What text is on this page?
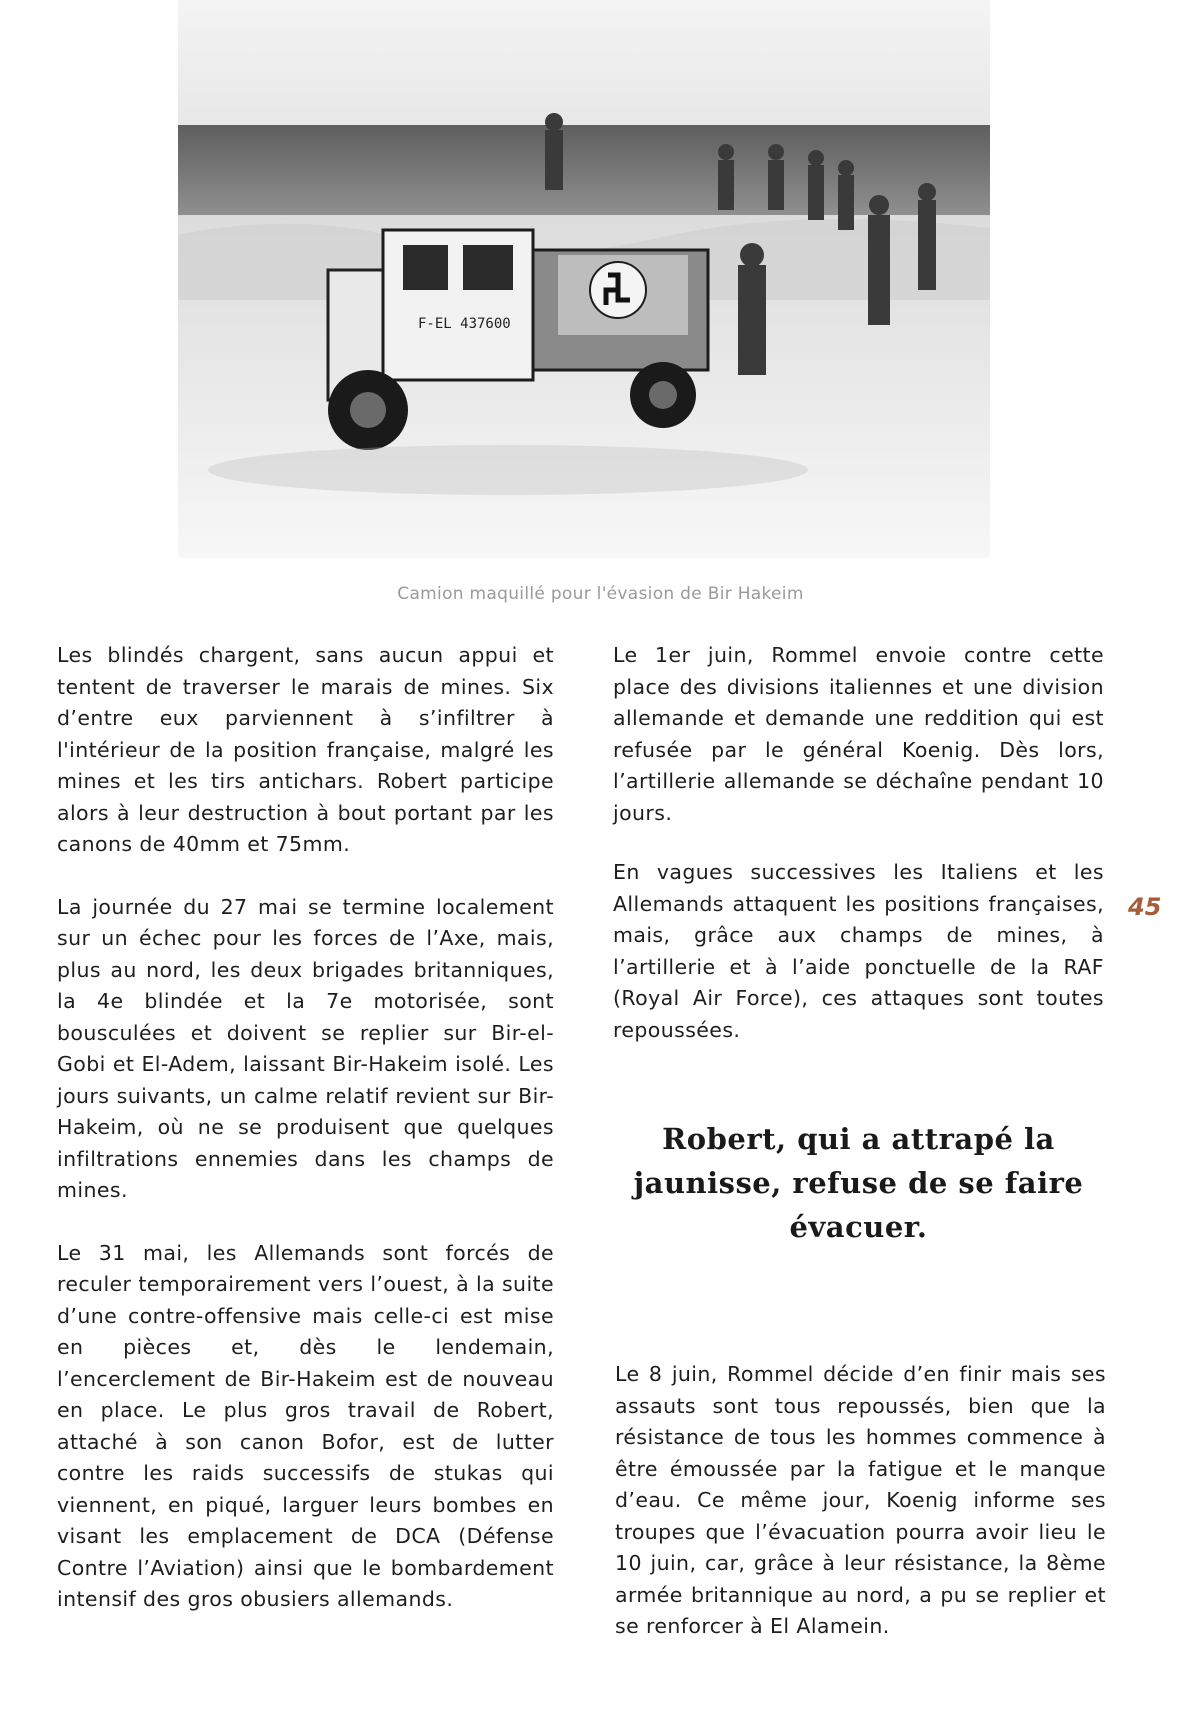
F-EL 437600
Camion maquillé pour l'évasion de Bir Hakeim

Les blindés chargent, sans aucun appui et tentent de traverser le marais de mines. Six d’entre eux parviennent à s’infiltrer à l'intérieur de la position française, malgré les mines et les tirs antichars. Robert participe alors à leur destruction à bout portant par les canons de 40mm et 75mm.

La journée du 27 mai se termine localement sur un échec pour les forces de l’Axe, mais, plus au nord, les deux brigades britanniques, la 4e blindée et la 7e motorisée, sont bousculées et doivent se replier sur Bir-el-Gobi et El-Adem, laissant Bir-Hakeim isolé. Les jours suivants, un calme relatif revient sur Bir-Hakeim, où ne se produisent que quelques infiltrations ennemies dans les champs de mines.

Le 31 mai, les Allemands sont forcés de reculer temporairement vers l’ouest, à la suite d’une contre-offensive mais celle-ci est mise en pièces et, dès le lendemain, l’encerclement de Bir-Hakeim est de nouveau en place. Le plus gros travail de Robert, attaché à son canon Bofor, est de lutter contre les raids successifs de stukas qui viennent, en piqué, larguer leurs bombes en visant les emplacement de DCA (Défense Contre l’Aviation) ainsi que le bombardement intensif des gros obusiers allemands.

Le 1er juin, Rommel envoie contre cette place des divisions italiennes et une division allemande et demande une reddition qui est refusée par le général Koenig. Dès lors, l’artillerie allemande se déchaîne pendant 10 jours.

En vagues successives les Italiens et les Allemands attaquent les positions françaises, mais, grâce aux champs de mines, à l’artillerie et à l’aide ponctuelle de la RAF (Royal Air Force), ces attaques sont toutes repoussées.

Robert, qui a attrapé la jaunisse, refuse de se faire évacuer.

Le 8 juin, Rommel décide d’en finir mais ses assauts sont tous repoussés, bien que la résistance de tous les hommes commence à être émoussée par la fatigue et le manque d’eau. Ce même jour, Koenig informe ses troupes que l’évacuation pourra avoir lieu le 10 juin, car, grâce à leur résistance, la 8ème armée britannique au nord, a pu se replier et se renforcer à El Alamein.

45
